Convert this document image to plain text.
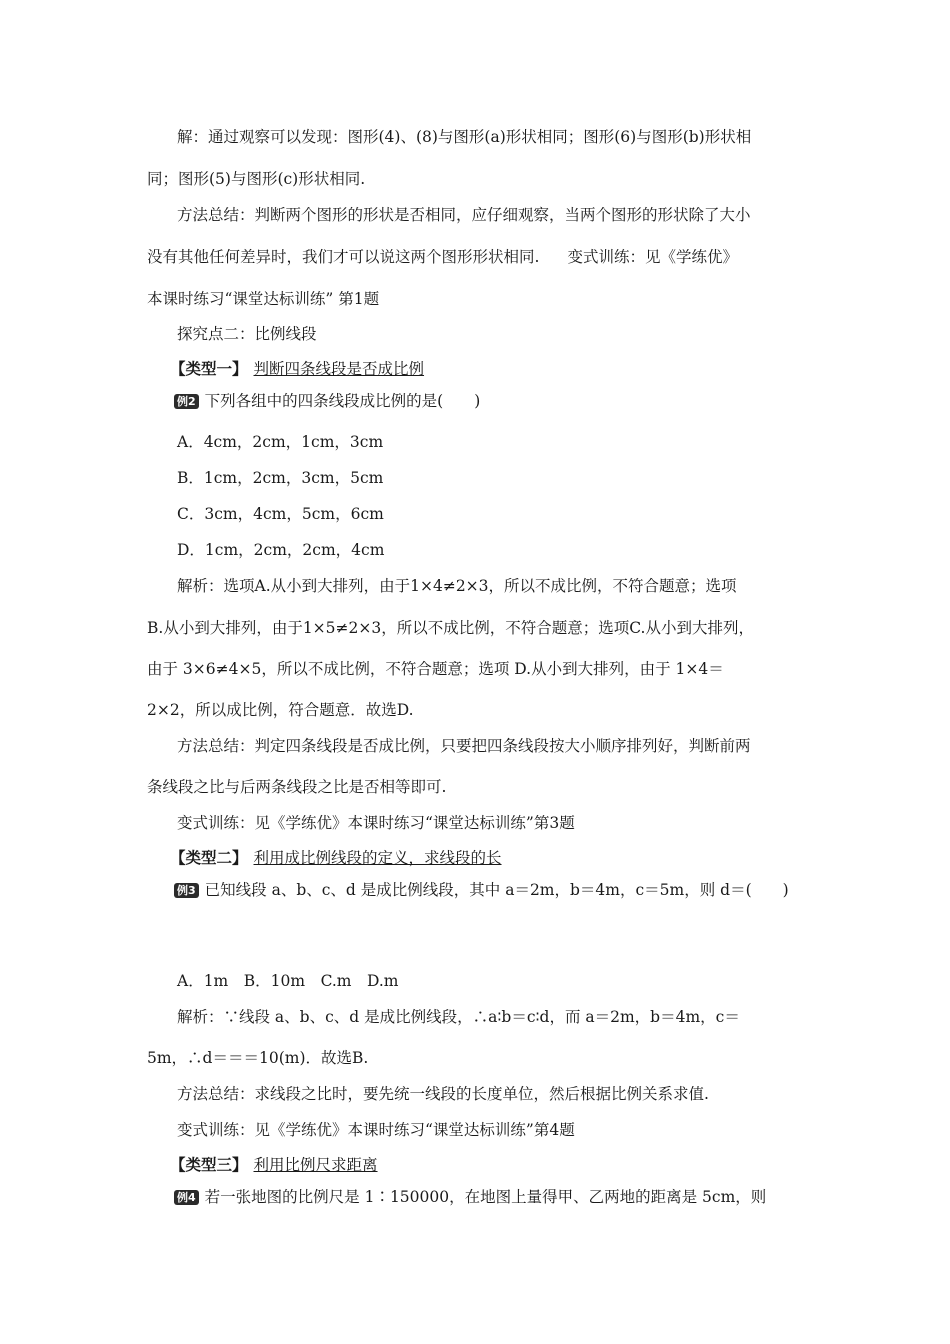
解：通过观察可以发现：图形(4)、(8)与图形(a)形状相同；图形(6)与图形(b)形状相
同；图形(5)与图形(c)形状相同.
方法总结：判断两个图形的形状是否相同，应仔细观察，当两个图形的形状除了大小
没有其他任何差异时，我们才可以说这两个图形形状相同. 变式训练：见《学练优》
本课时练习“课堂达标训练” 第1题
探究点二：比例线段
【类型一】 判断四条线段是否成比例
例2 下列各组中的四条线段成比例的是(　　)
A．4cm，2cm，1cm，3cm
B．1cm，2cm，3cm，5cm
C．3cm，4cm，5cm，6cm
D．1cm，2cm，2cm，4cm
解析：选项A.从小到大排列，由于1×4≠2×3，所以不成比例，不符合题意；选项
B.从小到大排列，由于1×5≠2×3，所以不成比例，不符合题意；选项C.从小到大排列，
由于 3×6≠4×5，所以不成比例，不符合题意；选项 D.从小到大排列，由于 1×4＝
2×2，所以成比例，符合题意．故选D.
方法总结：判定四条线段是否成比例，只要把四条线段按大小顺序排列好，判断前两
条线段之比与后两条线段之比是否相等即可.
变式训练：见《学练优》本课时练习“课堂达标训练”第3题
【类型二】 利用成比例线段的定义，求线段的长
例3 已知线段 a、b、c、d 是成比例线段，其中 a＝2m，b＝4m，c＝5m，则 d＝(　　)
A．1m　B．10m　C.m　D.m
解析：∵线段 a、b、c、d 是成比例线段，∴a∶b＝c∶d，而 a＝2m，b＝4m，c＝
5m，∴d＝＝＝10(m)．故选B.
方法总结：求线段之比时，要先统一线段的长度单位，然后根据比例关系求值.
变式训练：见《学练优》本课时练习“课堂达标训练”第4题
【类型三】 利用比例尺求距离
例4 若一张地图的比例尺是 1∶150000，在地图上量得甲、乙两地的距离是 5cm，则
